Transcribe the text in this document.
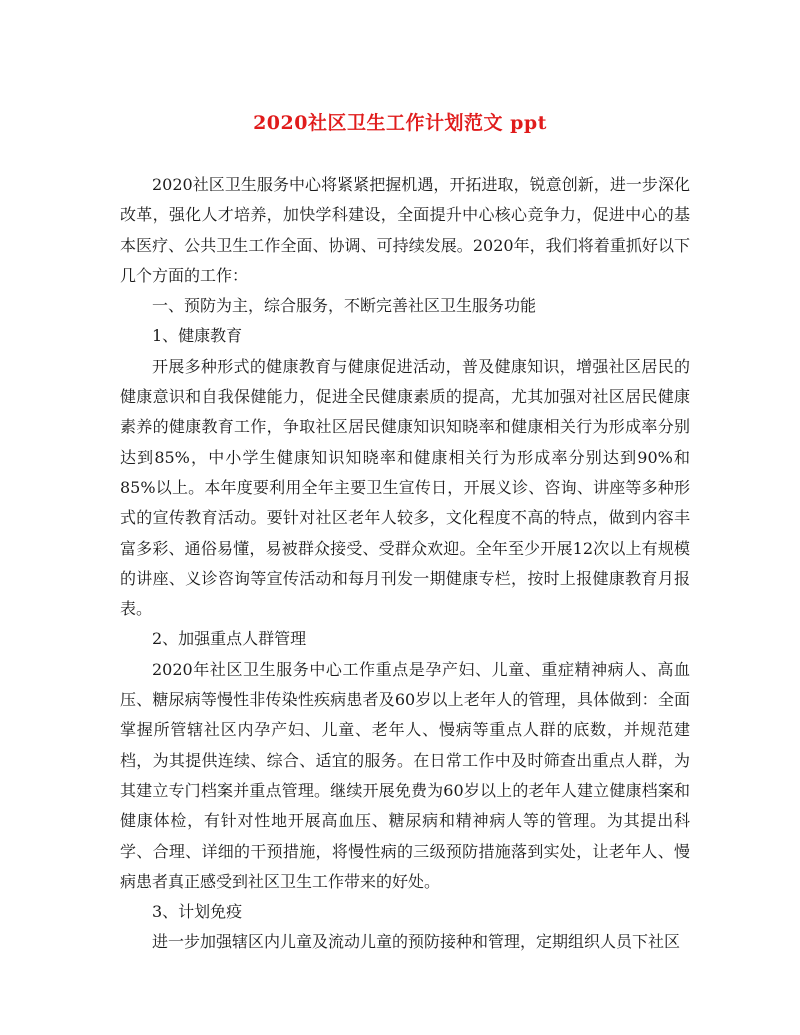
2020社区卫生工作计划范文 ppt

2020社区卫生服务中心将紧紧把握机遇，开拓进取，锐意创新，进一步深化改革，强化人才培养，加快学科建设，全面提升中心核心竞争力，促进中心的基本医疗、公共卫生工作全面、协调、可持续发展。2020年，我们将着重抓好以下几个方面的工作：

一、预防为主，综合服务，不断完善社区卫生服务功能

1、健康教育

开展多种形式的健康教育与健康促进活动，普及健康知识，增强社区居民的健康意识和自我保健能力，促进全民健康素质的提高，尤其加强对社区居民健康素养的健康教育工作，争取社区居民健康知识知晓率和健康相关行为形成率分别达到85%，中小学生健康知识知晓率和健康相关行为形成率分别达到90%和85%以上。本年度要利用全年主要卫生宣传日，开展义诊、咨询、讲座等多种形式的宣传教育活动。要针对社区老年人较多，文化程度不高的特点，做到内容丰富多彩、通俗易懂，易被群众接受、受群众欢迎。全年至少开展12次以上有规模的讲座、义诊咨询等宣传活动和每月刊发一期健康专栏，按时上报健康教育月报表。

2、加强重点人群管理

2020年社区卫生服务中心工作重点是孕产妇、儿童、重症精神病人、高血压、糖尿病等慢性非传染性疾病患者及60岁以上老年人的管理，具体做到：全面掌握所管辖社区内孕产妇、儿童、老年人、慢病等重点人群的底数，并规范建档，为其提供连续、综合、适宜的服务。在日常工作中及时筛查出重点人群，为其建立专门档案并重点管理。继续开展免费为60岁以上的老年人建立健康档案和健康体检，有针对性地开展高血压、糖尿病和精神病人等的管理。为其提出科学、合理、详细的干预措施，将慢性病的三级预防措施落到实处，让老年人、慢病患者真正感受到社区卫生工作带来的好处。

3、计划免疫

进一步加强辖区内儿童及流动儿童的预防接种和管理，定期组织人员下社区
